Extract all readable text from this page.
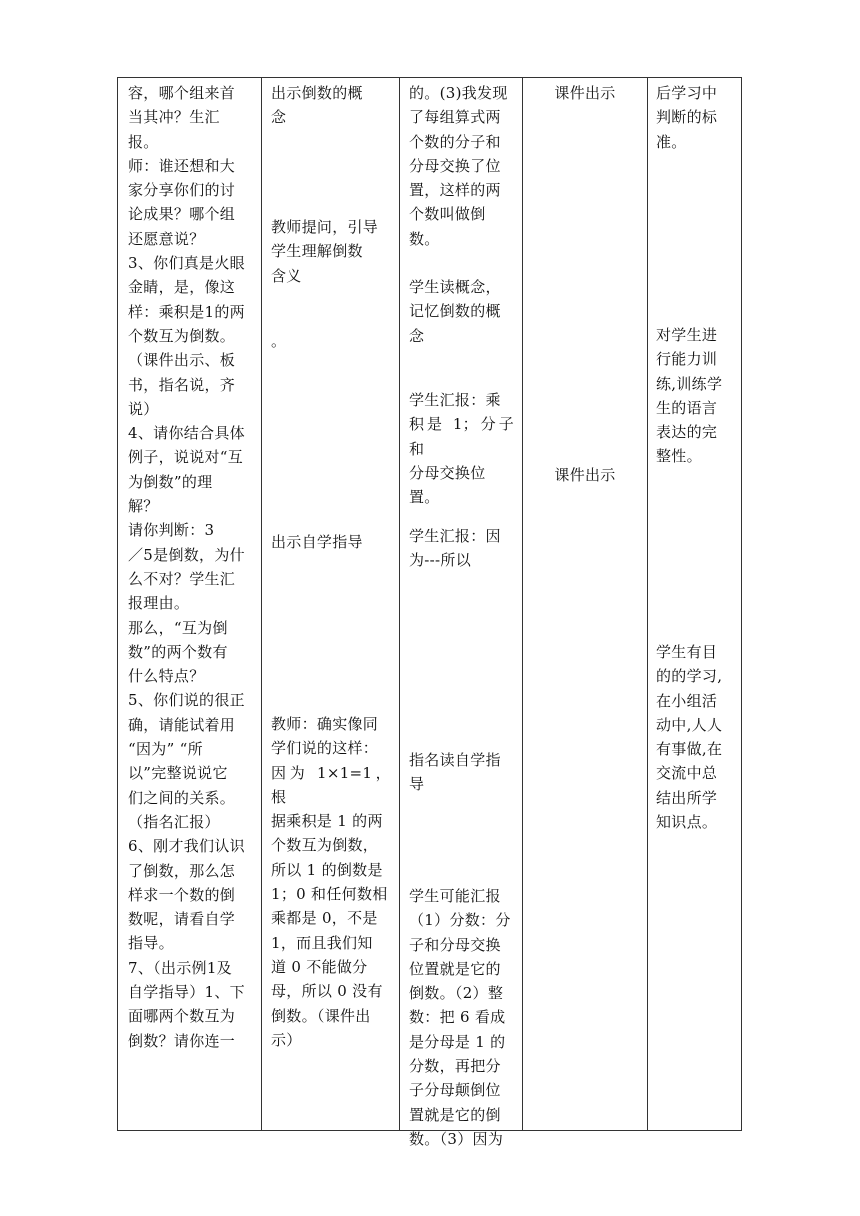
容，哪个组来首
当其冲？生汇
报。
师：谁还想和大
家分享你们的讨
论成果？哪个组
还愿意说？
3、你们真是火眼
金睛，是，像这
样：乘积是1的两
个数互为倒数。
（课件出示、板
书，指名说，齐
说）
4、请你结合具体
例子，说说对“互
为倒数”的理
解？
请你判断：3
／5是倒数，为什
么不对？学生汇
报理由。
那么，“互为倒
数”的两个数有
什么特点？
5、你们说的很正
确，请能试着用
“因为” “所
以”完整说说它
们之间的关系。
（指名汇报）
6、刚才我们认识
了倒数，那么怎
样求一个数的倒
数呢，请看自学
指导。
7、（出示例1及
自学指导）1、下
面哪两个数互为
倒数？请你连一
出示倒数的概
念
教师提问，引导
学生理解倒数
含义
。
出示自学指导
教师：确实像同
学们说的这样：
因为 1×1=1，根
据乘积是 1 的两
个数互为倒数，
所以 1 的倒数是
1；0 和任何数相
乘都是 0，不是
1，而且我们知
道 0 不能做分
母，所以 0 没有
倒数。（课件出
示）
的。(3)我发现
了每组算式两
个数的分子和
分母交换了位
置，这样的两
个数叫做倒
数。
学生读概念，
记忆倒数的概
念
学生汇报：乘
积是 1；分子和
分母交换位
置。
学生汇报：因
为---所以
指名读自学指
导
学生可能汇报
（1）分数：分
子和分母交换
位置就是它的
倒数。（2）整
数：把 6 看成
是分母是 1 的
分数，再把分
子分母颠倒位
置就是它的倒
数。（3）因为
课件出示
课件出示
后学习中
判断的标
准。
对学生进
行能力训
练,训练学
生的语言
表达的完
整性。
学生有目
的的学习,
在小组活
动中,人人
有事做,在
交流中总
结出所学
知识点。
